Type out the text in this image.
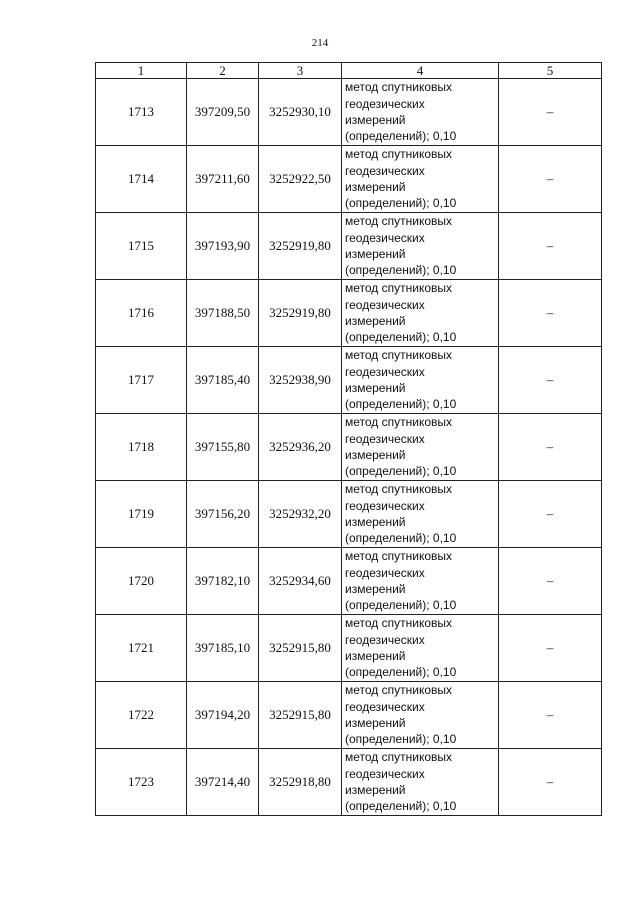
214
1	2	3	4	5
1713	397209,50	3252930,10	метод спутниковых
геодезических
измерений
(определений); 0,10	–
1714	397211,60	3252922,50	метод спутниковых
геодезических
измерений
(определений); 0,10	–
1715	397193,90	3252919,80	метод спутниковых
геодезических
измерений
(определений); 0,10	–
1716	397188,50	3252919,80	метод спутниковых
геодезических
измерений
(определений); 0,10	–
1717	397185,40	3252938,90	метод спутниковых
геодезических
измерений
(определений); 0,10	–
1718	397155,80	3252936,20	метод спутниковых
геодезических
измерений
(определений); 0,10	–
1719	397156,20	3252932,20	метод спутниковых
геодезических
измерений
(определений); 0,10	–
1720	397182,10	3252934,60	метод спутниковых
геодезических
измерений
(определений); 0,10	–
1721	397185,10	3252915,80	метод спутниковых
геодезических
измерений
(определений); 0,10	–
1722	397194,20	3252915,80	метод спутниковых
геодезических
измерений
(определений); 0,10	–
1723	397214,40	3252918,80	метод спутниковых
геодезических
измерений
(определений); 0,10	–
